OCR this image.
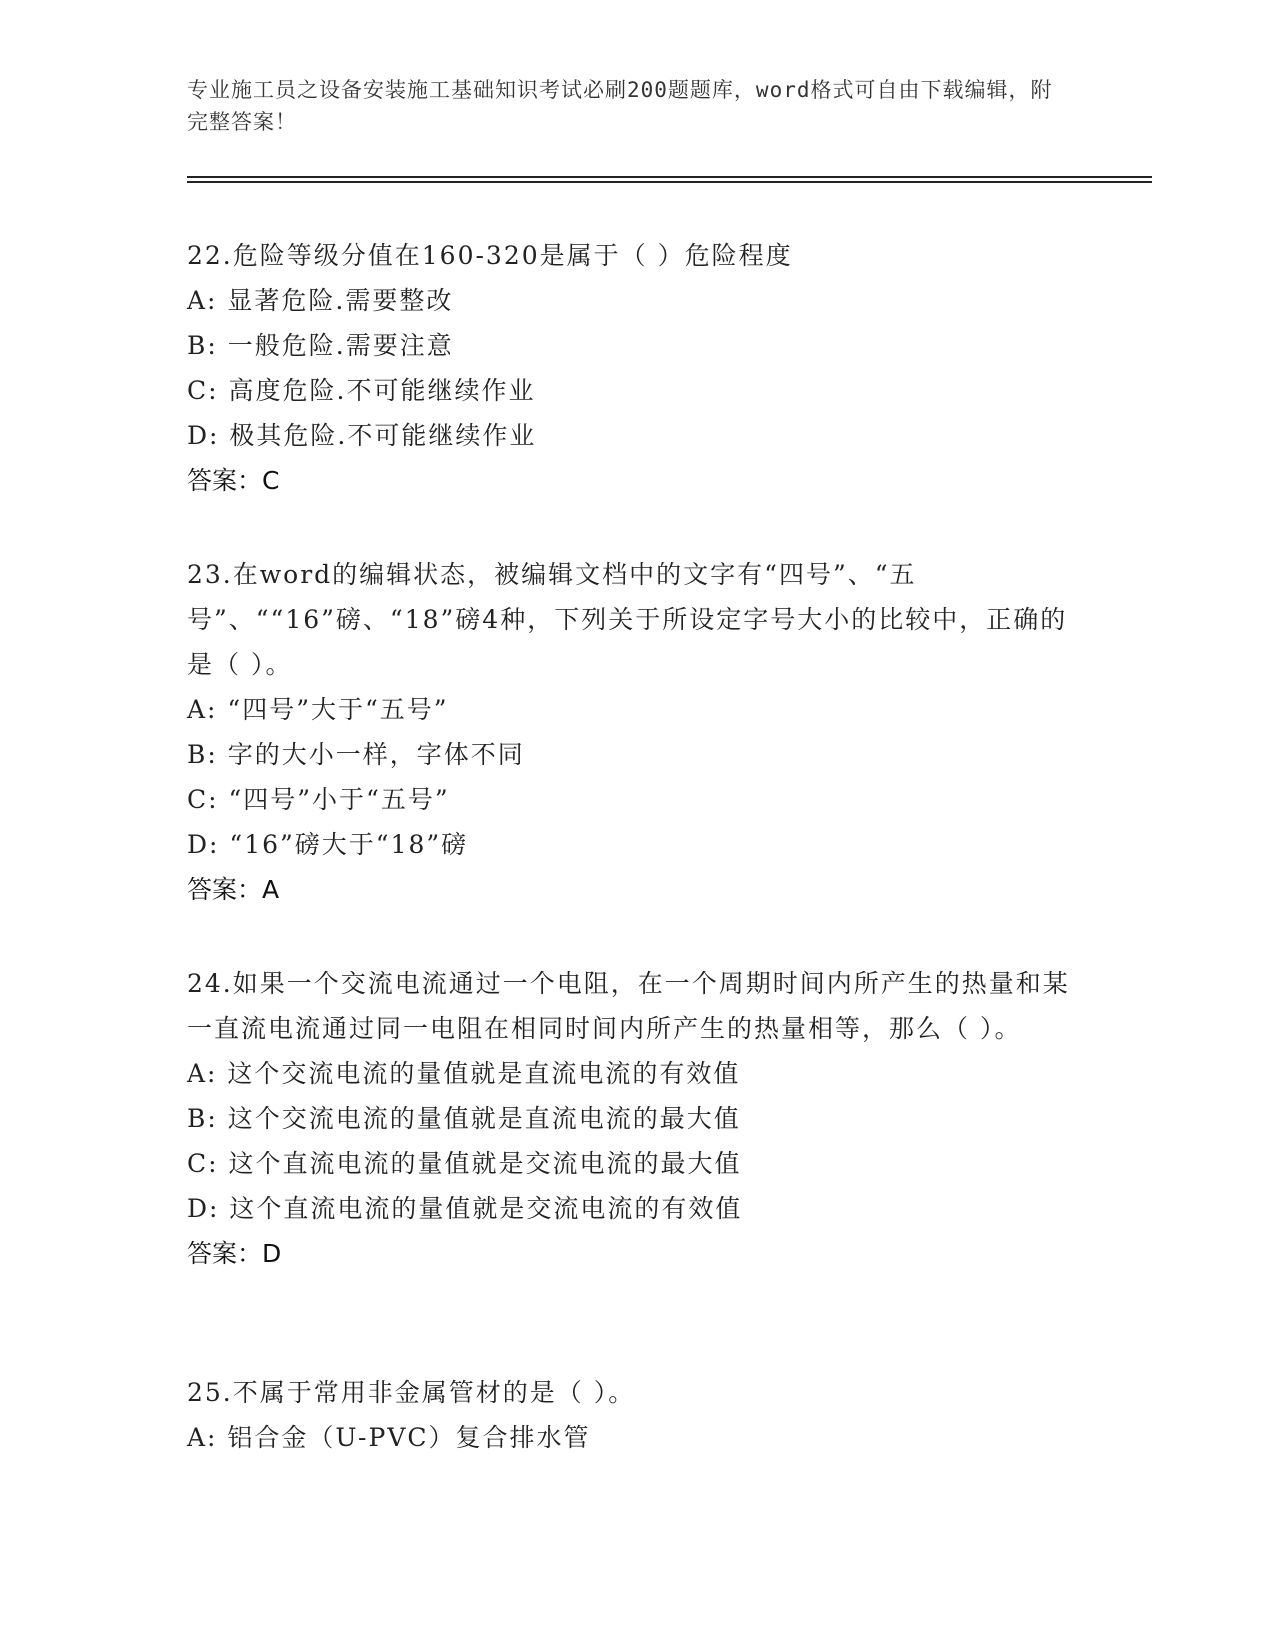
专业施工员之设备安装施工基础知识考试必刷200题题库，word格式可自由下载编辑，附完整答案！
22.危险等级分值在160-320是属于（ ）危险程度
A: 显著危险.需要整改
B: 一般危险.需要注意
C: 高度危险.不可能继续作业
D: 极其危险.不可能继续作业
答案：C
23.在word的编辑状态，被编辑文档中的文字有“四号”、“五号”、““16”磅、“18”磅4种，下列关于所设定字号大小的比较中，正确的是（ ）。
A: “四号”大于“五号”
B: 字的大小一样，字体不同
C: “四号”小于“五号”
D: “16”磅大于“18”磅
答案：A
24.如果一个交流电流通过一个电阻，在一个周期时间内所产生的热量和某一直流电流通过同一电阻在相同时间内所产生的热量相等，那么（ ）。
A: 这个交流电流的量值就是直流电流的有效值
B: 这个交流电流的量值就是直流电流的最大值
C: 这个直流电流的量值就是交流电流的最大值
D: 这个直流电流的量值就是交流电流的有效值
答案：D
25.不属于常用非金属管材的是（ ）。
A: 铝合金（U-PVC）复合排水管
